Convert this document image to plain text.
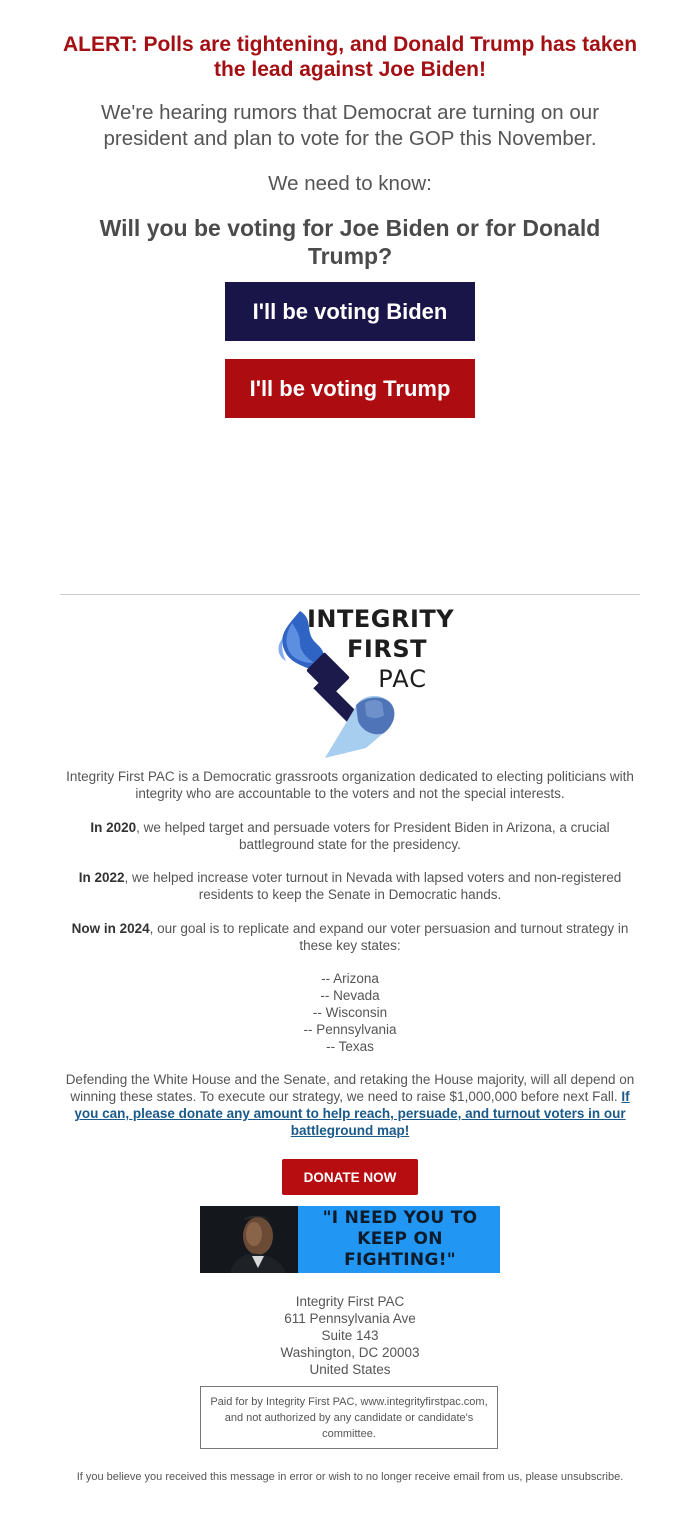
ALERT: Polls are tightening, and Donald Trump has taken the lead against Joe Biden!

We're hearing rumors that Democrat are turning on our president and plan to vote for the GOP this November.

We need to know:

Will you be voting for Joe Biden or for Donald Trump?

I'll be voting Biden
I'll be voting Trump
INTEGRITY
FIRST
PAC

Integrity First PAC is a Democratic grassroots organization dedicated to electing politicians with integrity who are accountable to the voters and not the special interests.

In 2020, we helped target and persuade voters for President Biden in Arizona, a crucial battleground state for the presidency.

In 2022, we helped increase voter turnout in Nevada with lapsed voters and non-registered residents to keep the Senate in Democratic hands.

Now in 2024, our goal is to replicate and expand our voter persuasion and turnout strategy in these key states:

-- Arizona
-- Nevada
-- Wisconsin
-- Pennsylvania
-- Texas

Defending the White House and the Senate, and retaking the House majority, will all depend on winning these states. To execute our strategy, we need to raise $1,000,000 before next Fall. If you can, please donate any amount to help reach, persuade, and turnout voters in our battleground map!

DONATE NOW
"I NEED YOU TO KEEP ON FIGHTING!"
Integrity First PAC
611 Pennsylvania Ave
Suite 143
Washington, DC 20003
United States
Paid for by Integrity First PAC, www.integrityfirstpac.com, and not authorized by any candidate or candidate's committee.

If you believe you received this message in error or wish to no longer receive email from us, please unsubscribe.
